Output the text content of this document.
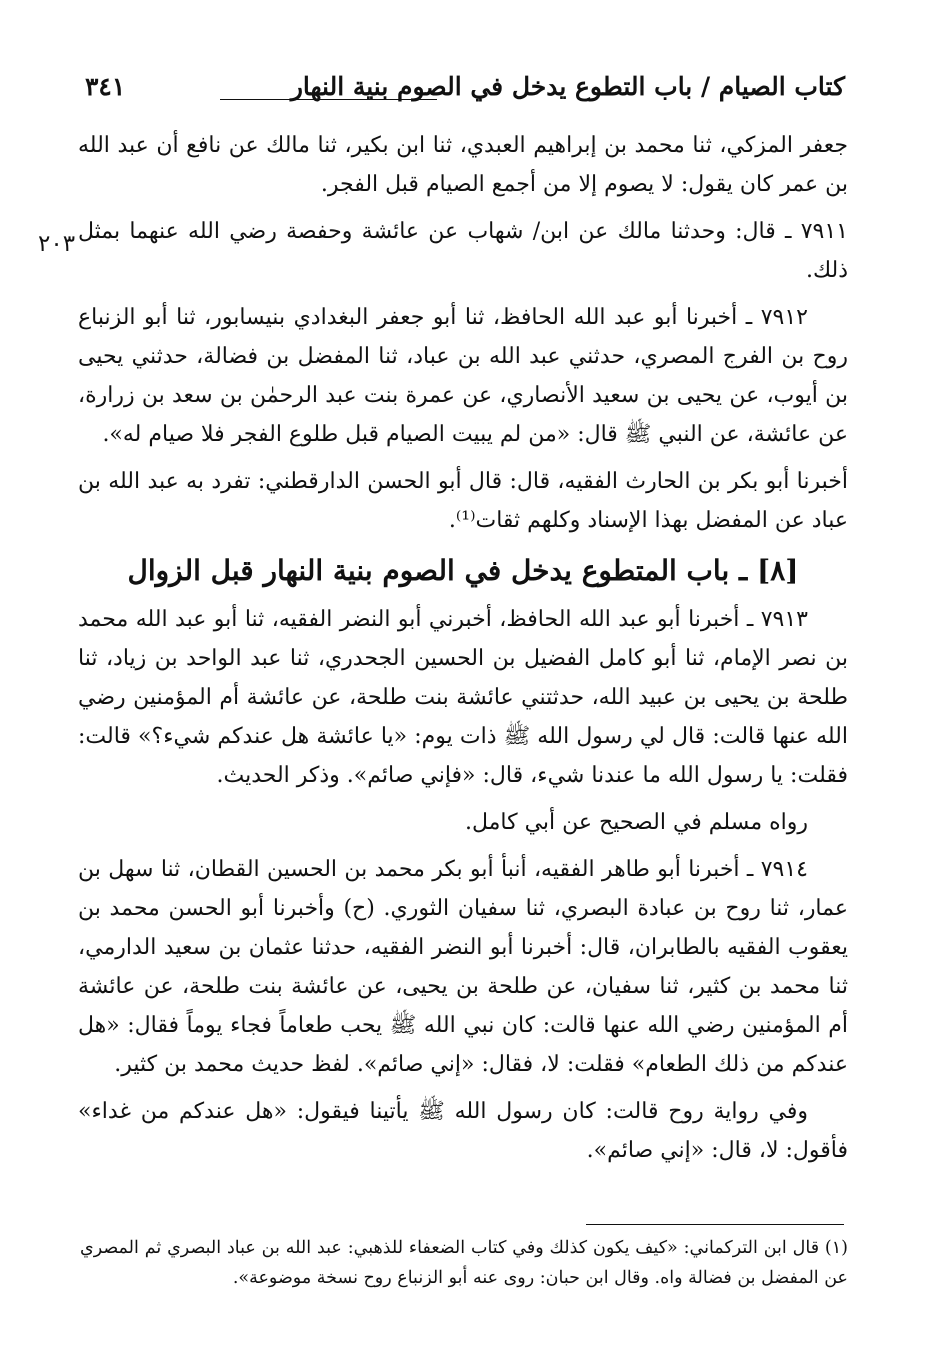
كتاب الصيام / باب التطوع يدخل في الصوم بنية النهار
٣٤١
٢٠٣

جعفر المزكي، ثنا محمد بن إبراهيم العبدي، ثنا ابن بكير، ثنا مالك عن نافع أن عبد الله بن عمر كان يقول: لا يصوم إلا من أجمع الصيام قبل الفجر.

٧٩١١ ـ قال: وحدثنا مالك عن ابن/ شهاب عن عائشة وحفصة رضي الله عنهما بمثل ذلك.

٧٩١٢ ـ أخبرنا أبو عبد الله الحافظ، ثنا أبو جعفر البغدادي بنيسابور، ثنا أبو الزنباع روح بن الفرج المصري، حدثني عبد الله بن عباد، ثنا المفضل بن فضالة، حدثني يحيى بن أيوب، عن يحيى بن سعيد الأنصاري، عن عمرة بنت عبد الرحمٰن بن سعد بن زرارة، عن عائشة، عن النبي ﷺ قال: «من لم يبيت الصيام قبل طلوع الفجر فلا صيام له».

أخبرنا أبو بكر بن الحارث الفقيه، قال: قال أبو الحسن الدارقطني: تفرد به عبد الله بن عباد عن المفضل بهذا الإسناد وكلهم ثقات⁽¹⁾.

[٨] ـ باب المتطوع يدخل في الصوم بنية النهار قبل الزوال

٧٩١٣ ـ أخبرنا أبو عبد الله الحافظ، أخبرني أبو النضر الفقيه، ثنا أبو عبد الله محمد بن نصر الإمام، ثنا أبو كامل الفضيل بن الحسين الجحدري، ثنا عبد الواحد بن زياد، ثنا طلحة بن يحيى بن عبيد الله، حدثتني عائشة بنت طلحة، عن عائشة أم المؤمنين رضي الله عنها قالت: قال لي رسول الله ﷺ ذات يوم: «يا عائشة هل عندكم شيء؟» قالت: فقلت: يا رسول الله ما عندنا شيء، قال: «فإني صائم». وذكر الحديث.

رواه مسلم في الصحيح عن أبي كامل.

٧٩١٤ ـ أخبرنا أبو طاهر الفقيه، أنبأ أبو بكر محمد بن الحسين القطان، ثنا سهل بن عمار، ثنا روح بن عبادة البصري، ثنا سفيان الثوري. (ح) وأخبرنا أبو الحسن محمد بن يعقوب الفقيه بالطابران، قال: أخبرنا أبو النضر الفقيه، حدثنا عثمان بن سعيد الدارمي، ثنا محمد بن كثير، ثنا سفيان، عن طلحة بن يحيى، عن عائشة بنت طلحة، عن عائشة أم المؤمنين رضي الله عنها قالت: كان نبي الله ﷺ يحب طعاماً فجاء يوماً فقال: «هل عندكم من ذلك الطعام» فقلت: لا، فقال: «إني صائم». لفظ حديث محمد بن كثير.

وفي رواية روح قالت: كان رسول الله ﷺ يأتينا فيقول: «هل عندكم من غداء» فأقول: لا، قال: «إني صائم».

(١) قال ابن التركماني: «كيف يكون كذلك وفي كتاب الضعفاء للذهبي: عبد الله بن عباد البصري ثم المصري عن المفضل بن فضالة واه. وقال ابن حبان: روى عنه أبو الزنباع روح نسخة موضوعة».
